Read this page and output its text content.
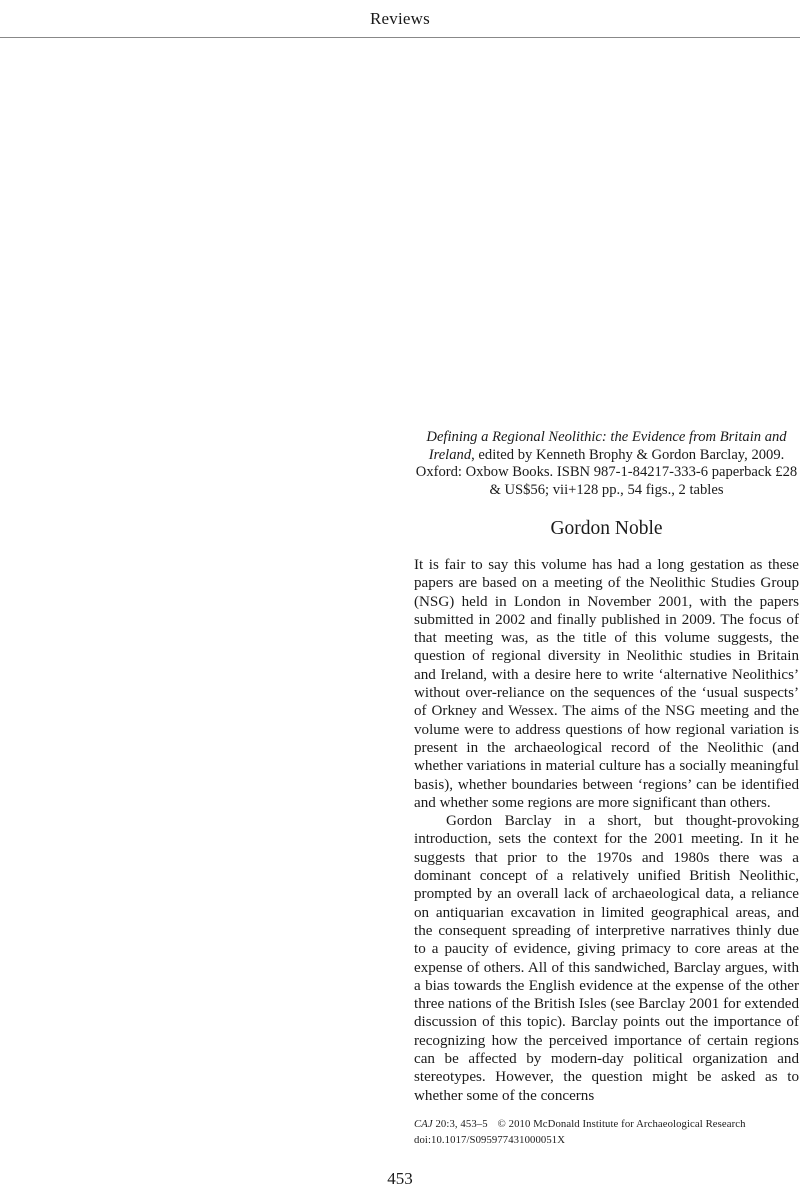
Reviews
Defining a Regional Neolithic: the Evidence from Britain and Ireland, edited by Kenneth Brophy & Gordon Barclay, 2009. Oxford: Oxbow Books. ISBN 987-1-84217-333-6 paperback £28 & US$56; vii+128 pp., 54 figs., 2 tables
Gordon Noble

It is fair to say this volume has had a long gestation as these papers are based on a meeting of the Neolithic Studies Group (NSG) held in London in November 2001, with the papers submitted in 2002 and finally published in 2009. The focus of that meeting was, as the title of this volume suggests, the question of regional diversity in Neolithic studies in Britain and Ireland, with a desire here to write ‘alternative Neolithics’ without over-reliance on the sequences of the ‘usual suspects’ of Orkney and Wessex. The aims of the NSG meeting and the volume were to address questions of how regional variation is present in the archaeological record of the Neolithic (and whether variations in material culture has a socially meaningful basis), whether boundaries between ‘regions’ can be identified and whether some regions are more significant than others.

Gordon Barclay in a short, but thought-provoking introduction, sets the context for the 2001 meeting. In it he suggests that prior to the 1970s and 1980s there was a dominant concept of a relatively unified British Neolithic, prompted by an overall lack of archaeological data, a reliance on antiquarian excavation in limited geographical areas, and the consequent spreading of interpretive narratives thinly due to a paucity of evidence, giving primacy to core areas at the expense of others. All of this sandwiched, Barclay argues, with a bias towards the English evidence at the expense of the other three nations of the British Isles (see Barclay 2001 for extended discussion of this topic). Barclay points out the importance of recognizing how the perceived importance of certain regions can be affected by modern-day political organization and stereotypes. However, the question might be asked as to whether some of the concerns

CAJ 20:3, 453–5 © 2010 McDonald Institute for Archaeological Research
doi:10.1017/S095977431000051X
453
